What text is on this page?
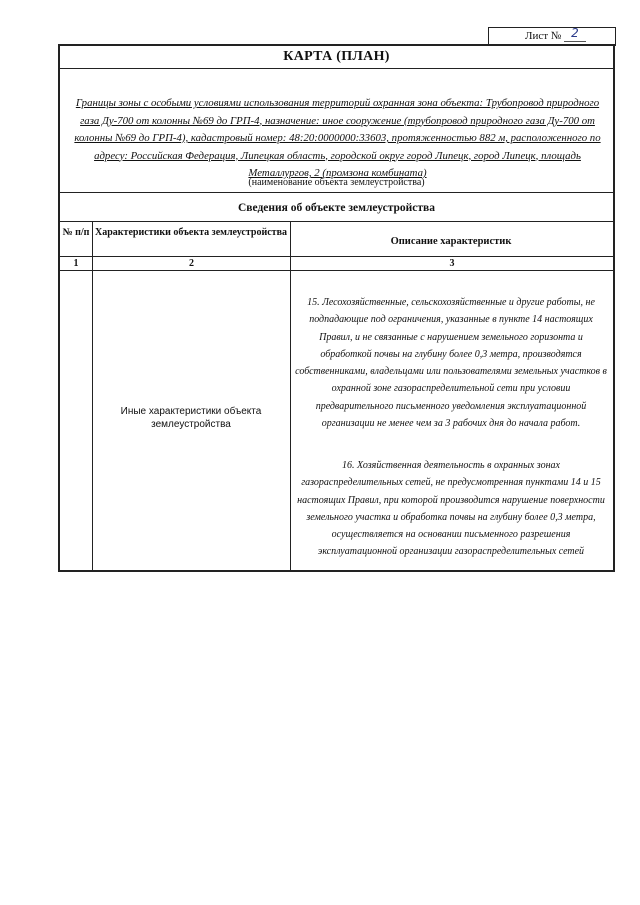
Лист № 2
КАРТА (ПЛАН)
Границы зоны с особыми условиями использования территорий охранная зона объекта: Трубопровод природного газа Ду-700 от колонны №69 до ГРП-4, назначение: иное сооружение (трубопровод природного газа Ду-700 от колонны №69 до ГРП-4), кадастровый номер: 48:20:0000000:33603, протяженностью 882 м, расположенного по адресу: Российская Федерация, Липецкая область, городской округ город Липецк, город Липецк, площадь Металлургов, 2 (промзона комбината)
(наименование объекта землеустройства)
Сведения об объекте землеустройства
№ п/п Характеристики объекта землеустройства
Описание характеристик
1	2	3
Иные характеристики объекта землеустройства
15. Лесохозяйственные, сельскохозяйственные и другие работы, не подпадающие под ограничения, указанные в пункте 14 настоящих Правил, и не связанные с нарушением земельного горизонта и обработкой почвы на глубину более 0,3 метра, производятся собственниками, владельцами или пользователями земельных участков в охранной зоне газораспределительной сети при условии предварительного письменного уведомления эксплуатационной организации не менее чем за 3 рабочих дня до начала работ.
16. Хозяйственная деятельность в охранных зонах газораспределительных сетей, не предусмотренная пунктами 14 и 15 настоящих Правил, при которой производится нарушение поверхности земельного участка и обработка почвы на глубину более 0,3 метра, осуществляется на основании письменного разрешения эксплуатационной организации газораспределительных сетей
